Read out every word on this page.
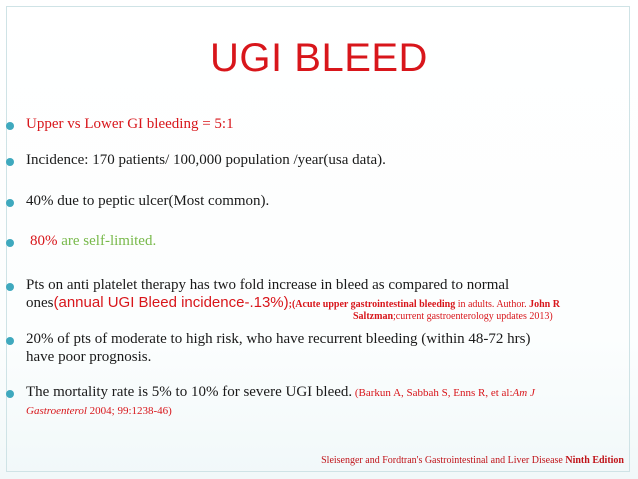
UGI BLEED
Upper vs Lower GI bleeding = 5:1
Incidence: 170 patients/ 100,000 population /year(usa data).
40% due to peptic ulcer(Most common).
80% are self-limited.
Pts on anti platelet therapy has two fold increase in bleed as compared to normal
ones(annual UGI Bleed incidence-.13%);(Acute upper gastrointestinal bleeding in adults. Author. John R
Saltzman;current gastroenterology updates 2013)
20% of pts of moderate to high risk, who have recurrent bleeding (within 48-72 hrs)
have poor prognosis.
The mortality rate is 5% to 10% for severe UGI bleed. (Barkun A, Sabbah S, Enns R, et al:Am J
Gastroenterol 2004; 99:1238-46)
Sleisenger and Fordtran's Gastrointestinal and Liver Disease Ninth Edition
